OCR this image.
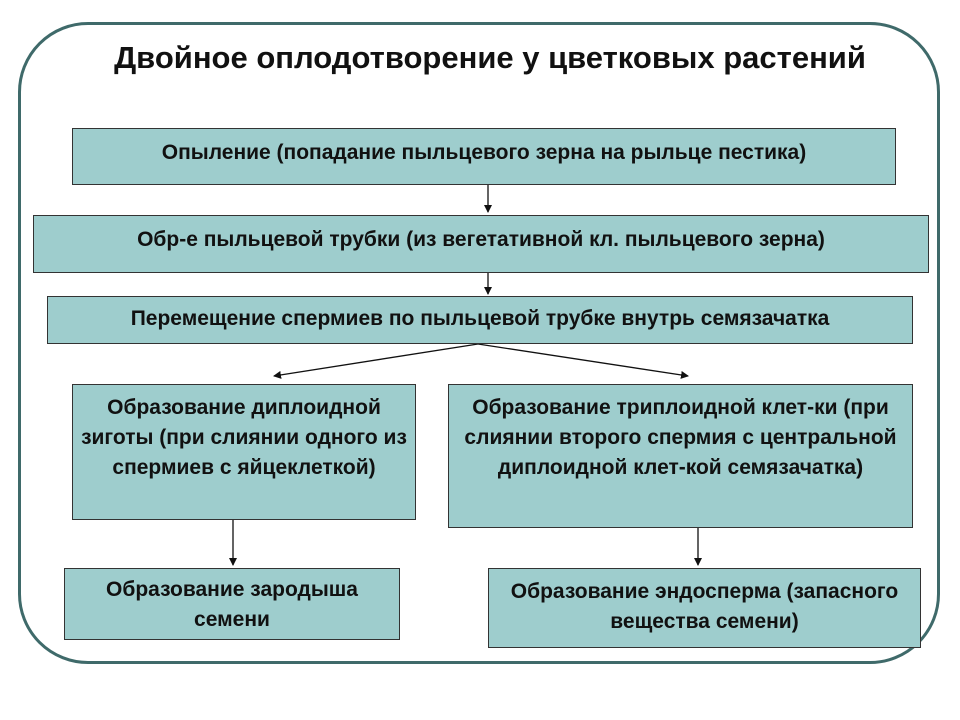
Двойное оплодотворение у цветковых растений
Опыление (попадание пыльцевого зерна на рыльце пестика)
Обр-е пыльцевой трубки (из вегетативной кл. пыльцевого зерна)
Перемещение спермиев по пыльцевой трубке внутрь семязачатка
Образование диплоидной зиготы (при слиянии одного из спермиев с яйцеклеткой)
Образование триплоидной клет-ки (при слиянии второго спермия с центральной диплоидной клет-кой семязачатка)
Образование зародыша семени
Образование эндосперма (запасного вещества семени)
